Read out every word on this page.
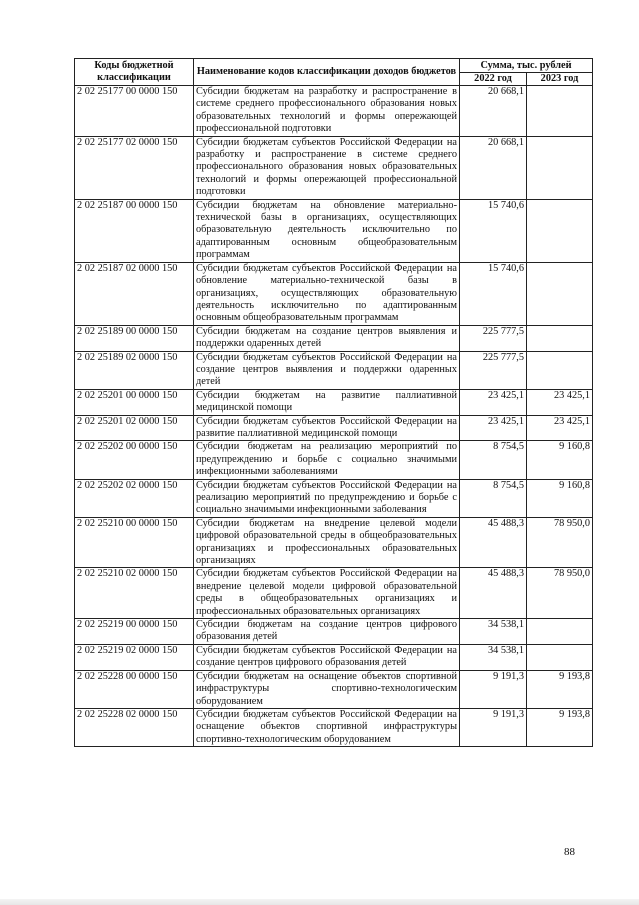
Коды бюджетной классификации	Наименование кодов классификации доходов бюджетов	Сумма, тыс. рублей	
		2022 год	2023 год
2 02 25177 00 0000 150	Субсидии бюджетам на разработку и распространение в системе среднего профессионального образования новых образовательных технологий и формы опережающей профессиональной подготовки	20 668,1	
2 02 25177 02 0000 150	Субсидии бюджетам субъектов Российской Федерации на разработку и распространение в системе среднего профессионального образования новых образовательных технологий и формы опережающей профессиональной подготовки	20 668,1	
2 02 25187 00 0000 150	Субсидии бюджетам на обновление материально-технической базы в организациях, осуществляющих образовательную деятельность исключительно по адаптированным основным общеобразовательным программам	15 740,6	
2 02 25187 02 0000 150	Субсидии бюджетам субъектов Российской Федерации на обновление материально-технической базы в организациях, осуществляющих образовательную деятельность исключительно по адаптированным основным общеобразовательным программам	15 740,6	
2 02 25189 00 0000 150	Субсидии бюджетам на создание центров выявления и поддержки одаренных детей	225 777,5	
2 02 25189 02 0000 150	Субсидии бюджетам субъектов Российской Федерации на создание центров выявления и поддержки одаренных детей	225 777,5	
2 02 25201 00 0000 150	Субсидии бюджетам на развитие паллиативной медицинской помощи	23 425,1	23 425,1
2 02 25201 02 0000 150	Субсидии бюджетам субъектов Российской Федерации на развитие паллиативной медицинской помощи	23 425,1	23 425,1
2 02 25202 00 0000 150	Субсидии бюджетам на реализацию мероприятий по предупреждению и борьбе с социально значимыми инфекционными заболеваниями	8 754,5	9 160,8
2 02 25202 02 0000 150	Субсидии бюджетам субъектов Российской Федерации на реализацию мероприятий по предупреждению и борьбе с социально значимыми инфекционными заболевания	8 754,5	9 160,8
2 02 25210 00 0000 150	Субсидии бюджетам на внедрение целевой модели цифровой образовательной среды в общеобразовательных организациях и профессиональных образовательных организациях	45 488,3	78 950,0
2 02 25210 02 0000 150	Субсидии бюджетам субъектов Российской Федерации на внедрение целевой модели цифровой образовательной среды в общеобразовательных организациях и профессиональных образовательных организациях	45 488,3	78 950,0
2 02 25219 00 0000 150	Субсидии бюджетам на создание центров цифрового образования детей	34 538,1	
2 02 25219 02 0000 150	Субсидии бюджетам субъектов Российской Федерации на создание центров цифрового образования детей	34 538,1	
2 02 25228 00 0000 150	Субсидии бюджетам на оснащение объектов спортивной инфраструктуры спортивно-технологическим оборудованием	9 191,3	9 193,8
2 02 25228 02 0000 150	Субсидии бюджетам субъектов Российской Федерации на оснащение объектов спортивной инфраструктуры спортивно-технологическим оборудованием	9 191,3	9 193,8
88
